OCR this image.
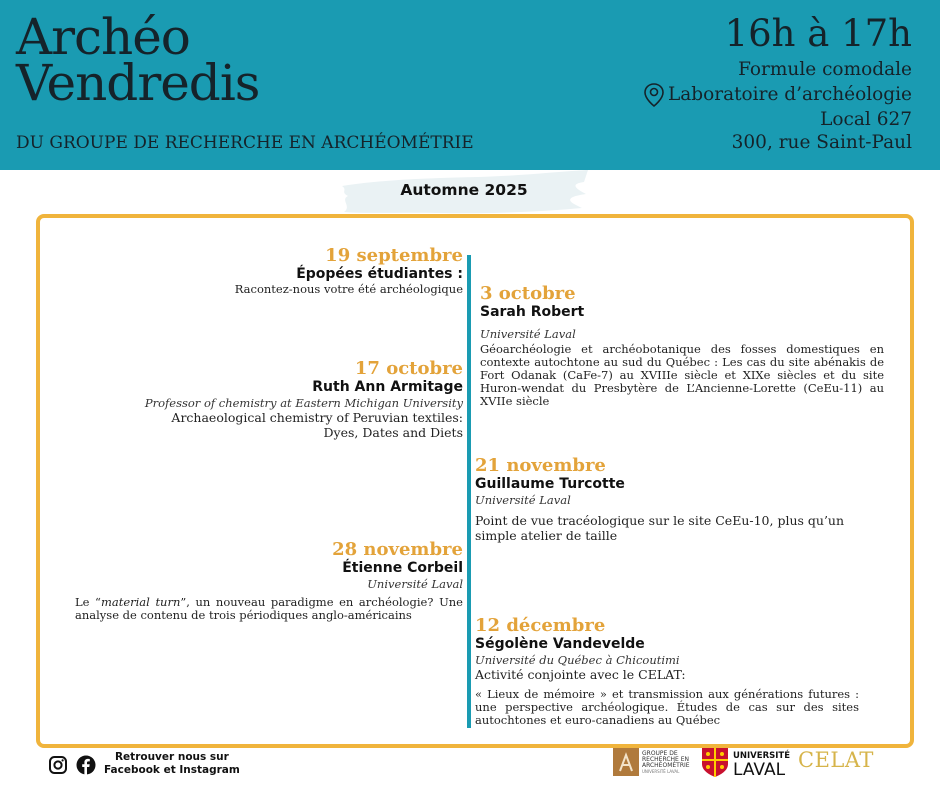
Archéo
Vendredis
DU GROUPE DE RECHERCHE EN ARCHÉOMÉTRIE
16h à 17h
Formule comodale
Laboratoire d’archéologie
Local 627
300, rue Saint-Paul
Automne 2025
19 septembre
Épopées étudiantes :
Racontez-nous votre été archéologique 3 octobre
Sarah Robert
Université Laval
Géoarchéologie et archéobotanique des fosses domestiques en contexte autochtone au sud du Québec : Les cas du site abénakis de Fort Odanak (CaFe-7) au XVIIIe siècle et XIXe siècles et du site Huron-wendat du Presbytère de L’Ancienne-Lorette (CeEu-11) au XVIIe siècle
17 octobre
Ruth Ann Armitage
Professor of chemistry at Eastern Michigan University
Archaeological chemistry of Peruvian textiles: Dyes, Dates and Diets
21 novembre
Guillaume Turcotte
Université Laval
Point de vue tracéologique sur le site CeEu-10, plus qu’un simple atelier de taille
28 novembre
Étienne Corbeil
Université Laval
Le “material turn”, un nouveau paradigme en archéologie? Une analyse de contenu de trois périodiques anglo-américains	12 décembre
Ségolène Vandevelde
Université du Québec à Chicoutimi
Activité conjointe avec le CELAT:
« Lieux de mémoire » et transmission aux générations futures : une perspective archéologique. Études de cas sur des sites autochtones et euro-canadiens au Québec
Retrouver nous sur
Facebook et Instagram
GROUPE DE
RECHERCHE EN
ARCHÉOMÉTRIE
UNIVERSITÉ LAVAL
UNIVERSITÉ
LAVAL CELAT
